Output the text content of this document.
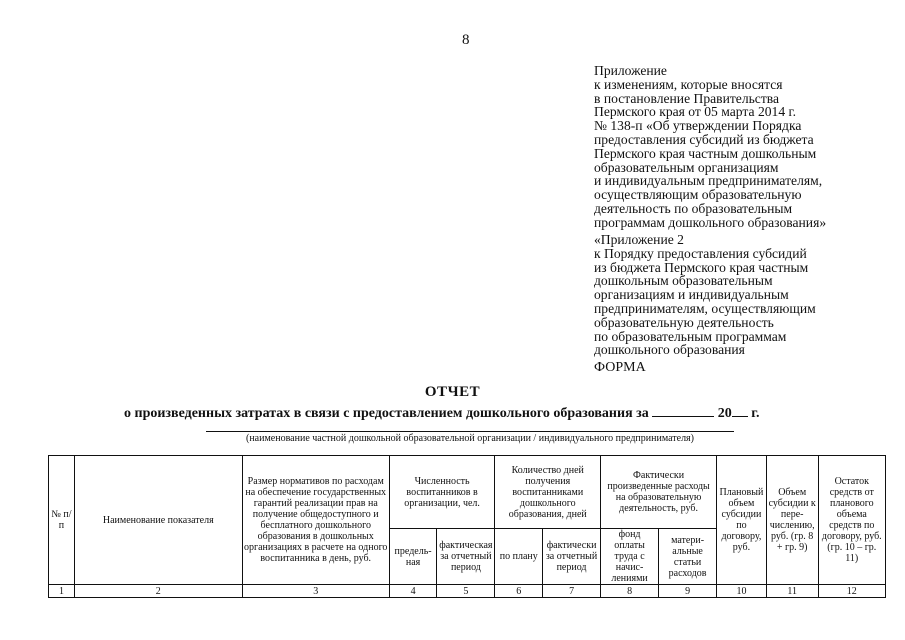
8
Приложение
к изменениям, которые вносятся
в постановление Правительства
Пермского края от 05 марта 2014 г.
№ 138-п «Об утверждении Порядка
предоставления субсидий из бюджета
Пермского края частным дошкольным
образовательным организациям
и индивидуальным предпринимателям,
осуществляющим образовательную
деятельность по образовательным
программам дошкольного образования»
«Приложение 2
к Порядку предоставления субсидий
из бюджета Пермского края частным
дошкольным образовательным
организациям и индивидуальным
предпринимателям, осуществляющим
образовательную деятельность
по образовательным программам
дошкольного образования
ФОРМА
ОТЧЕТ
о произведенных затратах в связи с предоставлением дошкольного образования за	20 г.
(наименование частной дошкольной образовательной организации / индивидуального предпринимателя)
№ п/п	Наименование показателя	Размер нормативов по расходам на обеспечение государственных гарантий реализации прав на получение общедоступного и бесплатного дошкольного образования в дошкольных организациях в расчете на одного воспитанника в день, руб.	Численность воспитанников в организации, чел.		Количество дней получения воспитанниками дошкольного образования, дней		Фактически произведенные расходы на образовательную деятельность, руб.		Плановый объем субсидии по договору, руб.	Объем субсидии к пере-числению, руб. (гр. 8 + гр. 9)	Остаток средств от планового объема средств по договору, руб. (гр. 10 – гр. 11)
			предель-ная	фактическая за отчетный период	по плану	фактически за отчетный период	фонд оплаты труда с начис-лениями	матери-альные статьи расходов			
1	2	3	4	5	6	7	8	9	10	11	12
